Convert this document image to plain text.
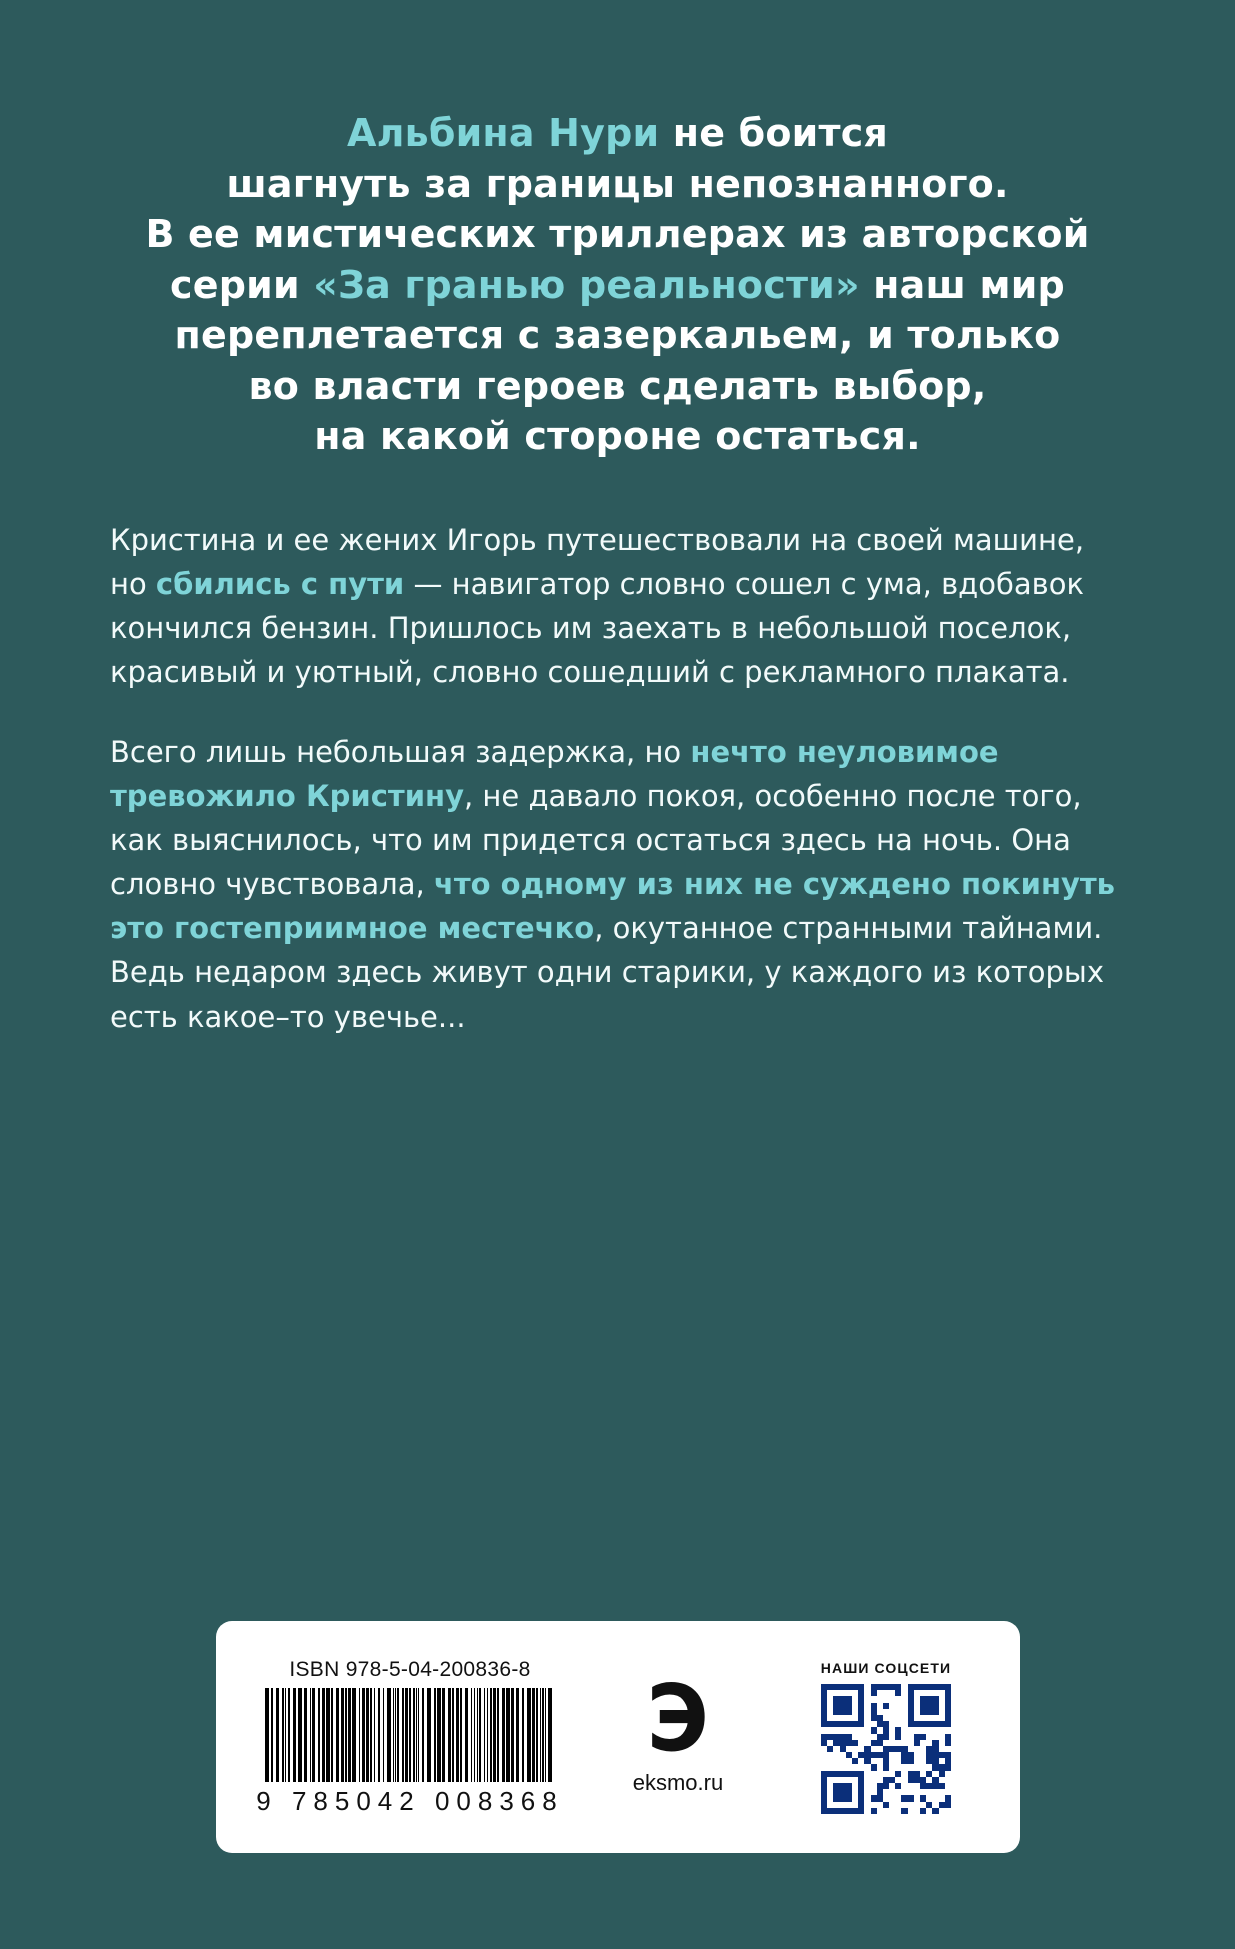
Альбина Нури не боится
шагнуть за границы непознанного.
В ее мистических триллерах из авторской
серии «За гранью реальности» наш мир
переплетается с зазеркальем, и только
во власти героев сделать выбор,
на какой стороне остаться.

Кристина и ее жених Игорь путешествовали на своей машине, но сбились с пути — навигатор словно сошел с ума, вдобавок кончился бензин. Пришлось им заехать в небольшой поселок, красивый и уютный, словно сошедший с рекламного плаката.

Всего лишь небольшая задержка, но нечто неуловимое тревожило Кристину, не давало покоя, особенно после того, как выяснилось, что им придется остаться здесь на ночь. Она словно чувствовала, что одному из них не суждено покинуть это гостеприимное местечко, окутанное странными тайнами. Ведь недаром здесь живут одни старики, у каждого из которых есть какое–то увечье...

ISBN 978-5-04-200836-8
9 785042 008368
Э
eksmo.ru
НАШИ СОЦСЕТИ
